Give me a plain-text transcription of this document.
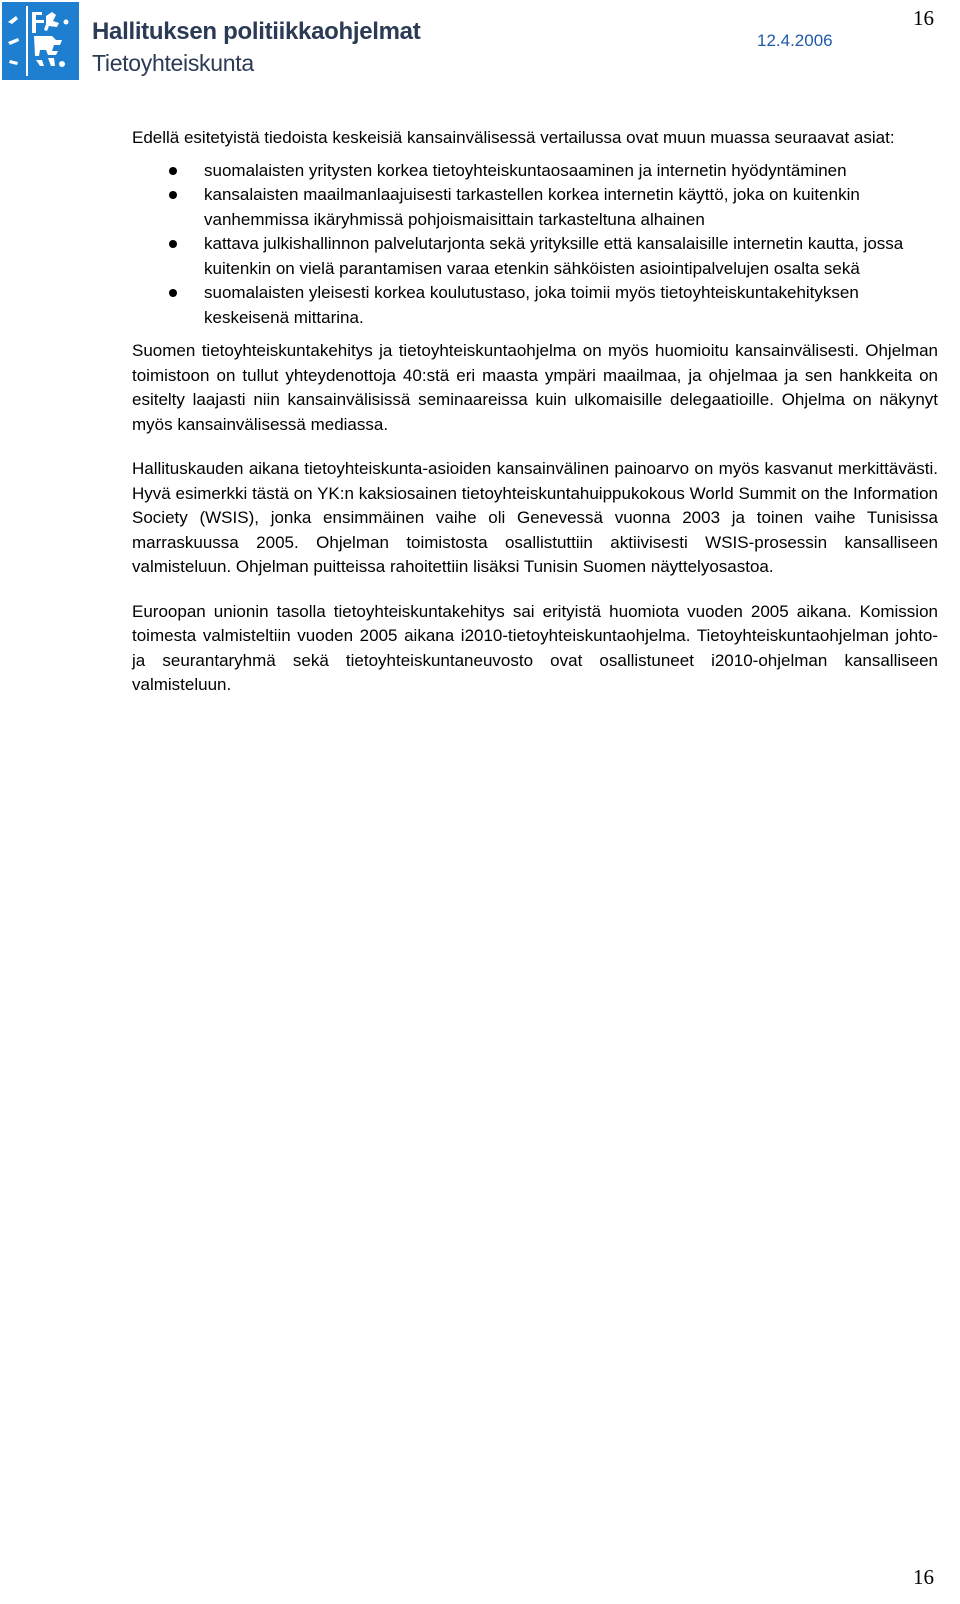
Hallituksen politiikkaohjelmat
Tietoyhteiskunta
12.4.2006
16

Edellä esitetyistä tiedoista keskeisiä kansainvälisessä vertailussa ovat muun muassa seuraavat asiat:

suomalaisten yritysten korkea tietoyhteiskuntaosaaminen ja internetin hyödyntäminen
kansalaisten maailmanlaajuisesti tarkastellen korkea internetin käyttö, joka on kuitenkin vanhemmissa ikäryhmissä pohjoismaisittain tarkasteltuna alhainen
kattava julkishallinnon palvelutarjonta sekä yrityksille että kansalaisille internetin kautta, jossa kuitenkin on vielä parantamisen varaa etenkin sähköisten asiointipalvelujen osalta sekä
suomalaisten yleisesti korkea koulutustaso, joka toimii myös tietoyhteiskuntakehityksen keskeisenä mittarina.

Suomen tietoyhteiskuntakehitys ja tietoyhteiskuntaohjelma on myös huomioitu kansainvälisesti. Ohjelman toimistoon on tullut yhteydenottoja 40:stä eri maasta ympäri maailmaa, ja ohjelmaa ja sen hankkeita on esitelty laajasti niin kansainvälisissä seminaareissa kuin ulkomaisille delegaatioille. Ohjelma on näkynyt myös kansainvälisessä mediassa.

Hallituskauden aikana tietoyhteiskunta-asioiden kansainvälinen painoarvo on myös kasvanut merkittävästi. Hyvä esimerkki tästä on YK:n kaksiosainen tietoyhteiskuntahuippukokous World Summit on the Information Society (WSIS), jonka ensimmäinen vaihe oli Genevessä vuonna 2003 ja toinen vaihe Tunisissa marraskuussa 2005. Ohjelman toimistosta osallistuttiin aktiivisesti WSIS-prosessin kansalliseen valmisteluun. Ohjelman puitteissa rahoitettiin lisäksi Tunisin Suomen näyttelyosastoa.

Euroopan unionin tasolla tietoyhteiskuntakehitys sai erityistä huomiota vuoden 2005 aikana. Komission toimesta valmisteltiin vuoden 2005 aikana i2010-tietoyhteiskuntaohjelma. Tietoyhteiskuntaohjelman johto- ja seurantaryhmä sekä tietoyhteiskuntaneuvosto ovat osallistuneet i2010-ohjelman kansalliseen valmisteluun.

16
